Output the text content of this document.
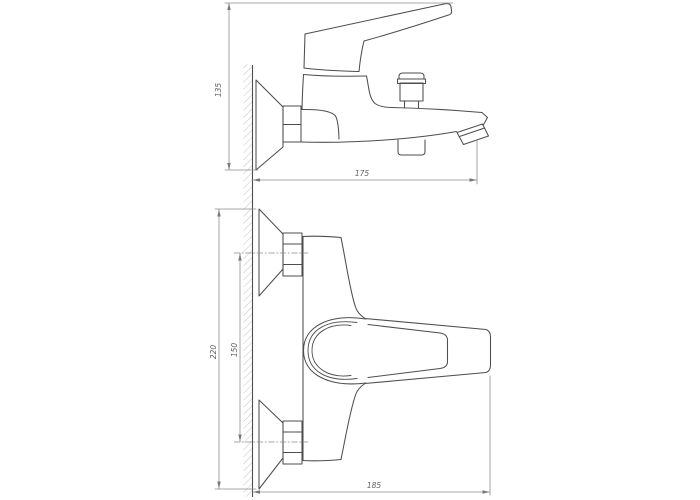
135
175
220 150
185
